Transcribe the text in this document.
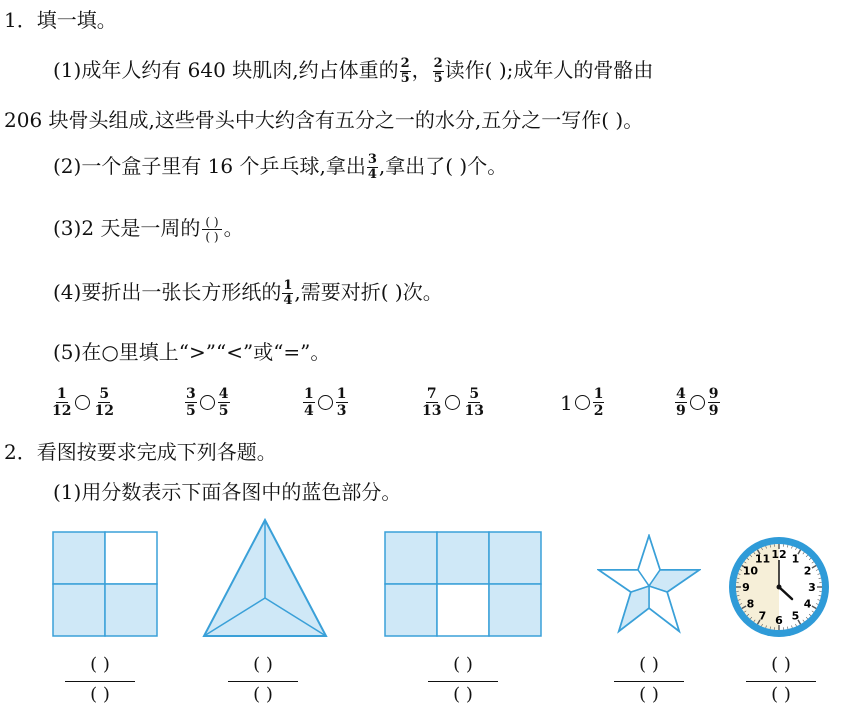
1．填一填。
(1)成年人约有 640 块肌肉,约占体重的 $\frac{2}{5}$ ， $\frac{2}{5}$ 读作( );成年人的骨骼由
206 块骨头组成,这些骨头中大约含有五分之一的水分,五分之一写作( )。
(2)一个盒子里有 16 个乒乓球,拿出 $\frac{3}{4}$ ,拿出了( )个。
(3)2 天是一周的 $\frac{( )}{( )}$ 。
(4)要折出一张长方形纸的 $\frac{1}{4}$ ,需要对折( )次。
(5)在○里填上“>”“<”或“=”。
$\frac{1}{12} \frac{5}{12}$	$\frac{3}{5} \frac{4}{5}$	$\frac{1}{4} \frac{1}{3}$	$\frac{7}{13} \frac{5}{13}$	$1 \frac{1}{2}$	$\frac{4}{9} \frac{9}{9}$
2．看图按要求完成下列各题。
(1)用分数表示下面各图中的蓝色部分。
12 1
2
3
4
5
6
7
8
9
10
11
( )
( )
( )
( )
( )
( )
( )
( )
( )
( )
